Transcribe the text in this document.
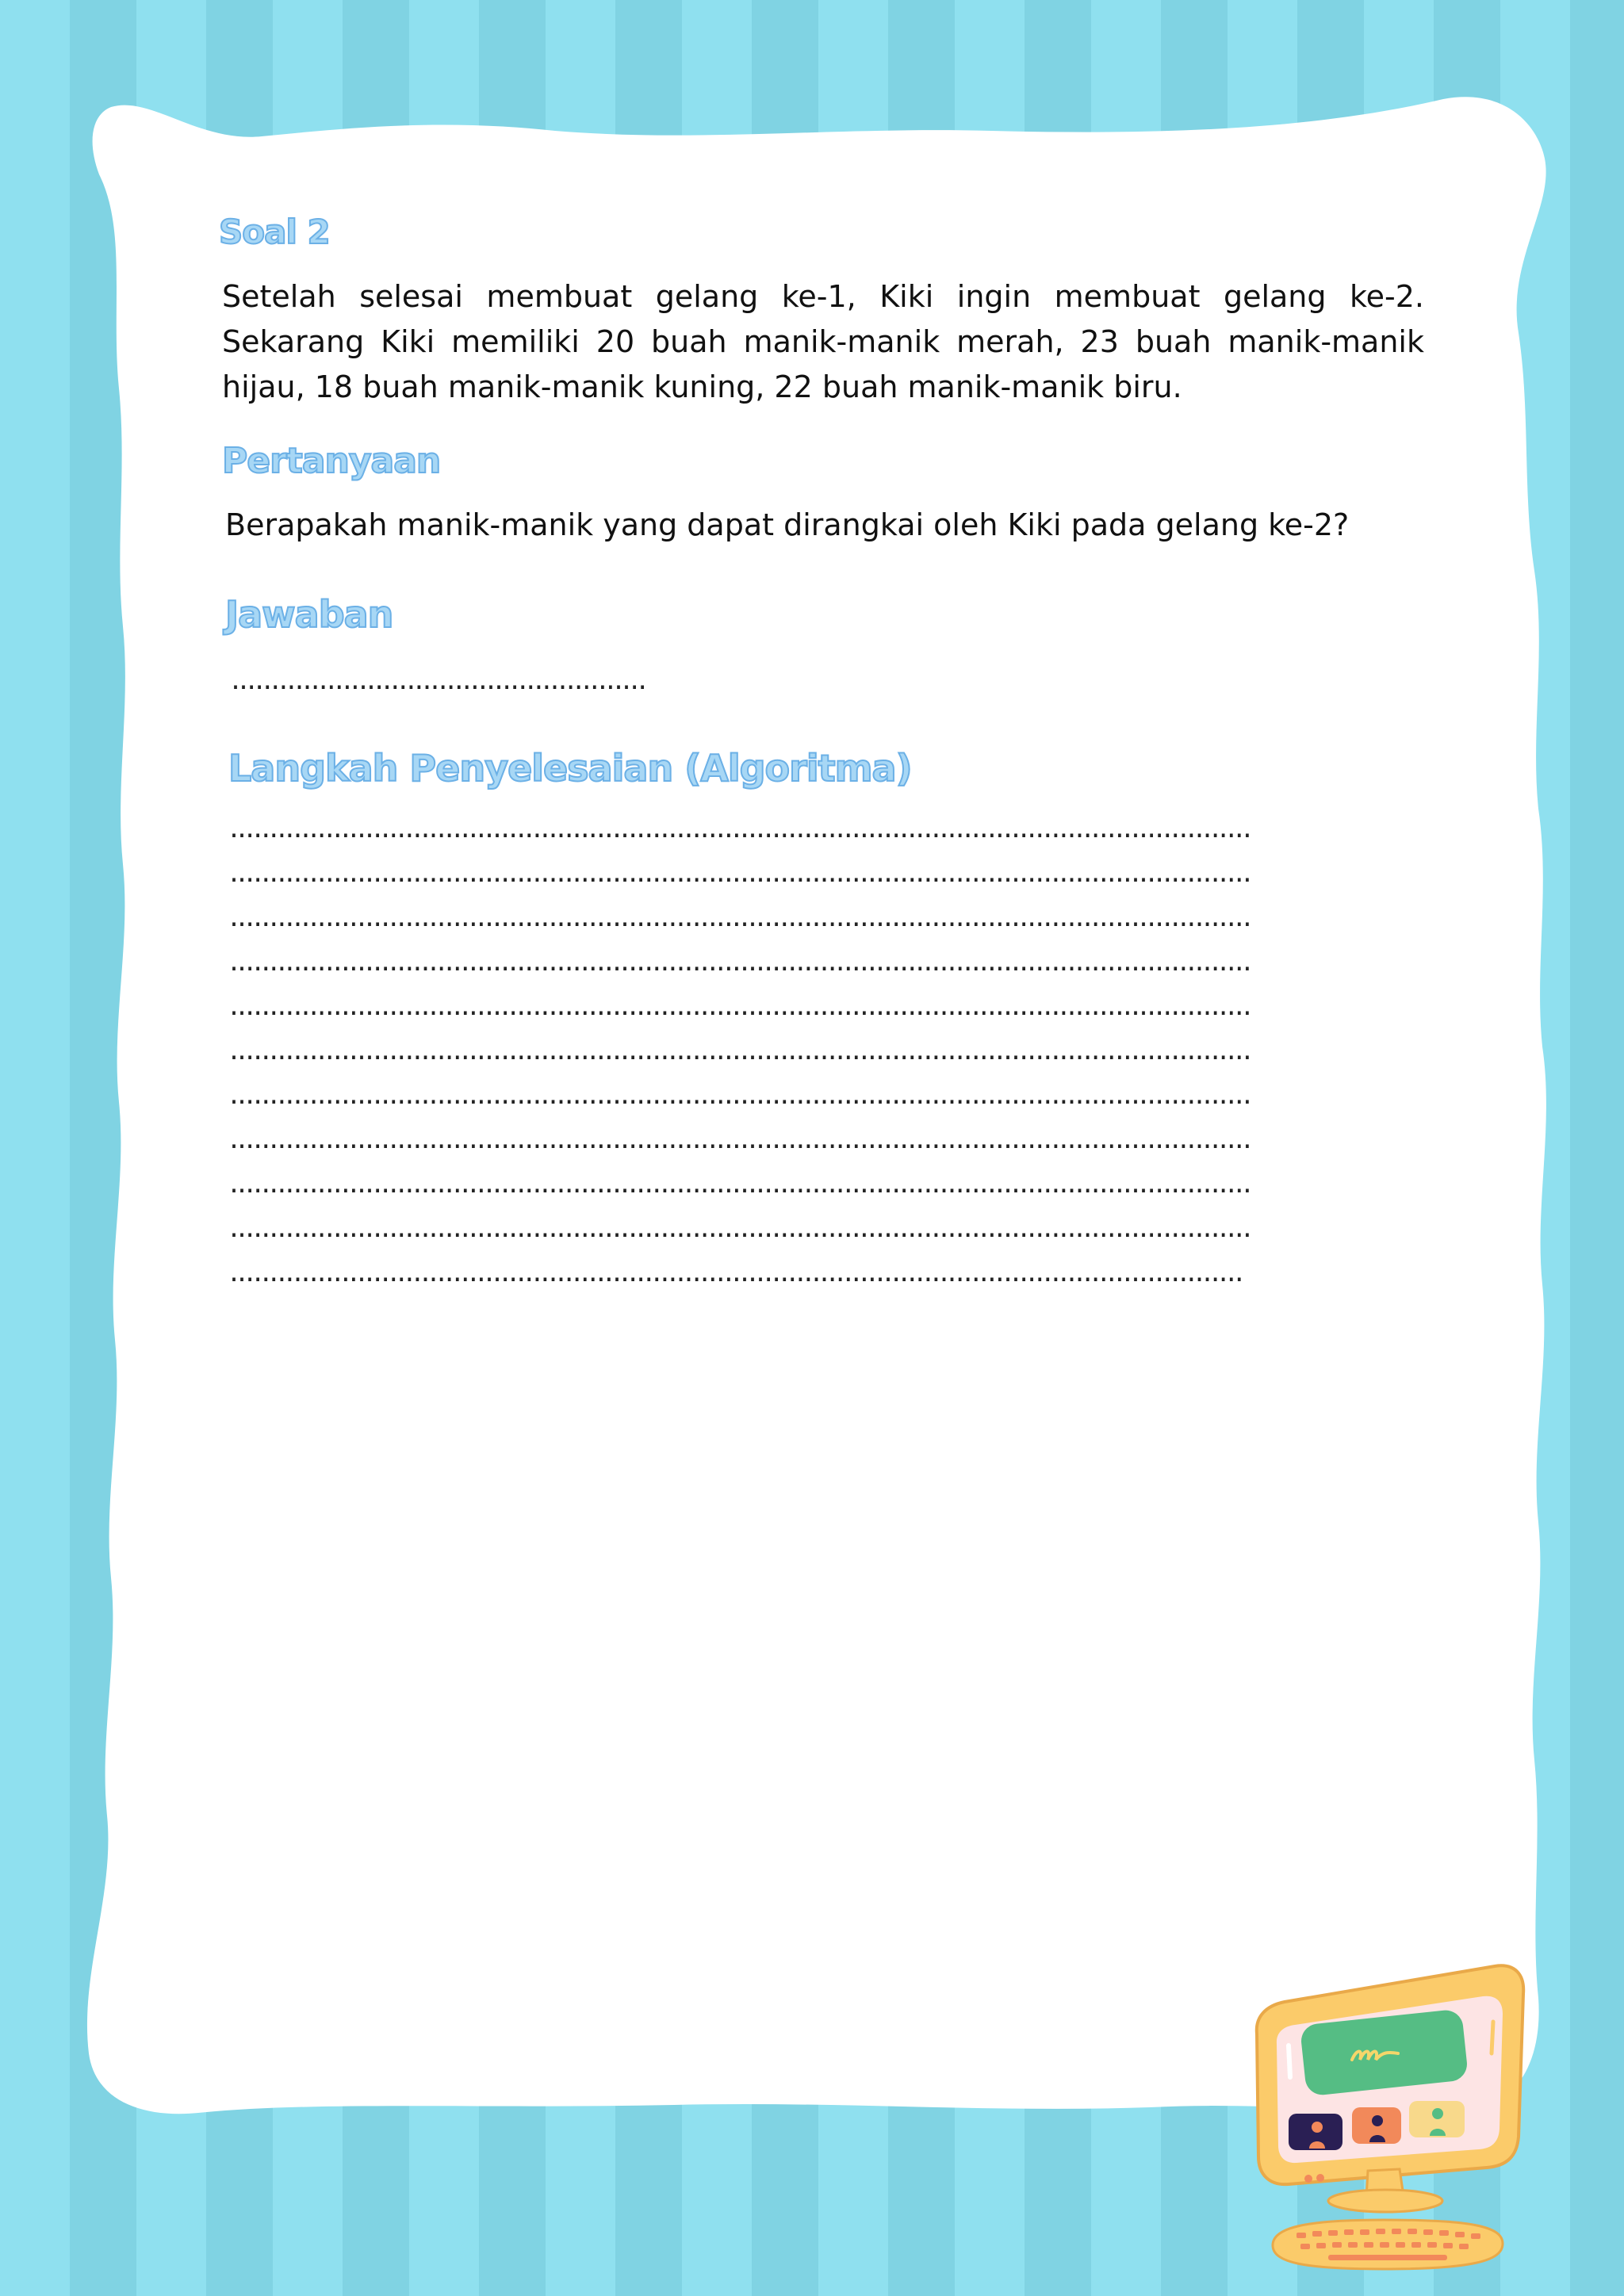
Soal 2

Setelah selesai membuat gelang ke-1, Kiki ingin membuat gelang ke-2. Sekarang Kiki memiliki 20 buah manik-manik merah, 23 buah manik-manik hijau, 18 buah manik-manik kuning, 22 buah manik-manik biru.

Pertanyaan

Berapakah manik-manik yang dapat dirangkai oleh Kiki pada gelang ke-2?

Jawaban
....................................................
Langkah Penyelesaian (Algoritma)
................................................................................................................................
................................................................................................................................
................................................................................................................................
................................................................................................................................
................................................................................................................................
................................................................................................................................
................................................................................................................................
................................................................................................................................
................................................................................................................................
................................................................................................................................
...............................................................................................................................
